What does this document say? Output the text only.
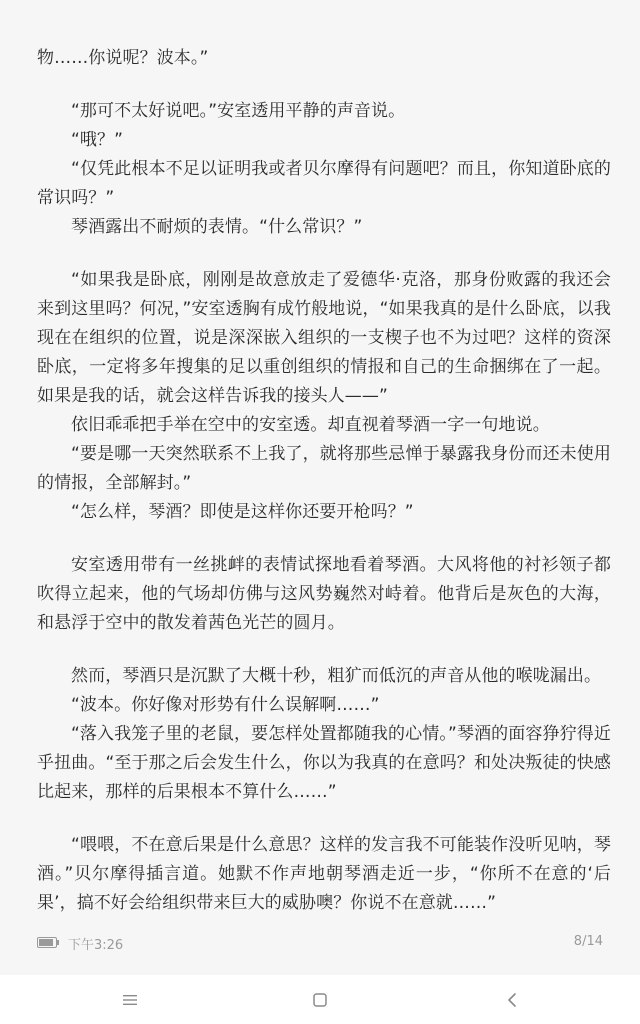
物……你说呢？波本。”

“那可不太好说吧。”安室透用平静的声音说。

“哦？”

“仅凭此根本不足以证明我或者贝尔摩得有问题吧？而且，你知道卧底的常识吗？”

琴酒露出不耐烦的表情。“什么常识？”

“如果我是卧底，刚刚是故意放走了爱德华·克洛，那身份败露的我还会来到这里吗？何况，”安室透胸有成竹般地说，“如果我真的是什么卧底，以我现在在组织的位置，说是深深嵌入组织的一支楔子也不为过吧？这样的资深卧底，一定将多年搜集的足以重创组织的情报和自己的生命捆绑在了一起。如果是我的话，就会这样告诉我的接头人——”

依旧乖乖把手举在空中的安室透。却直视着琴酒一字一句地说。

“要是哪一天突然联系不上我了，就将那些忌惮于暴露我身份而还未使用的情报，全部解封。”

“怎么样，琴酒？即使是这样你还要开枪吗？”

安室透用带有一丝挑衅的表情试探地看着琴酒。大风将他的衬衫领子都吹得立起来，他的气场却仿佛与这风势巍然对峙着。他背后是灰色的大海，和悬浮于空中的散发着茜色光芒的圆月。

然而，琴酒只是沉默了大概十秒，粗犷而低沉的声音从他的喉咙漏出。

“波本。你好像对形势有什么误解啊……”

“落入我笼子里的老鼠，要怎样处置都随我的心情。”琴酒的面容狰狞得近乎扭曲。“至于那之后会发生什么，你以为我真的在意吗？和处决叛徒的快感比起来，那样的后果根本不算什么……”

“喂喂，不在意后果是什么意思？这样的发言我不可能装作没听见呐，琴酒。”贝尔摩得插言道。她默不作声地朝琴酒走近一步，“你所不在意的‘后果’，搞不好会给组织带来巨大的威胁噢？你说不在意就……”

下午3:26	8/14
